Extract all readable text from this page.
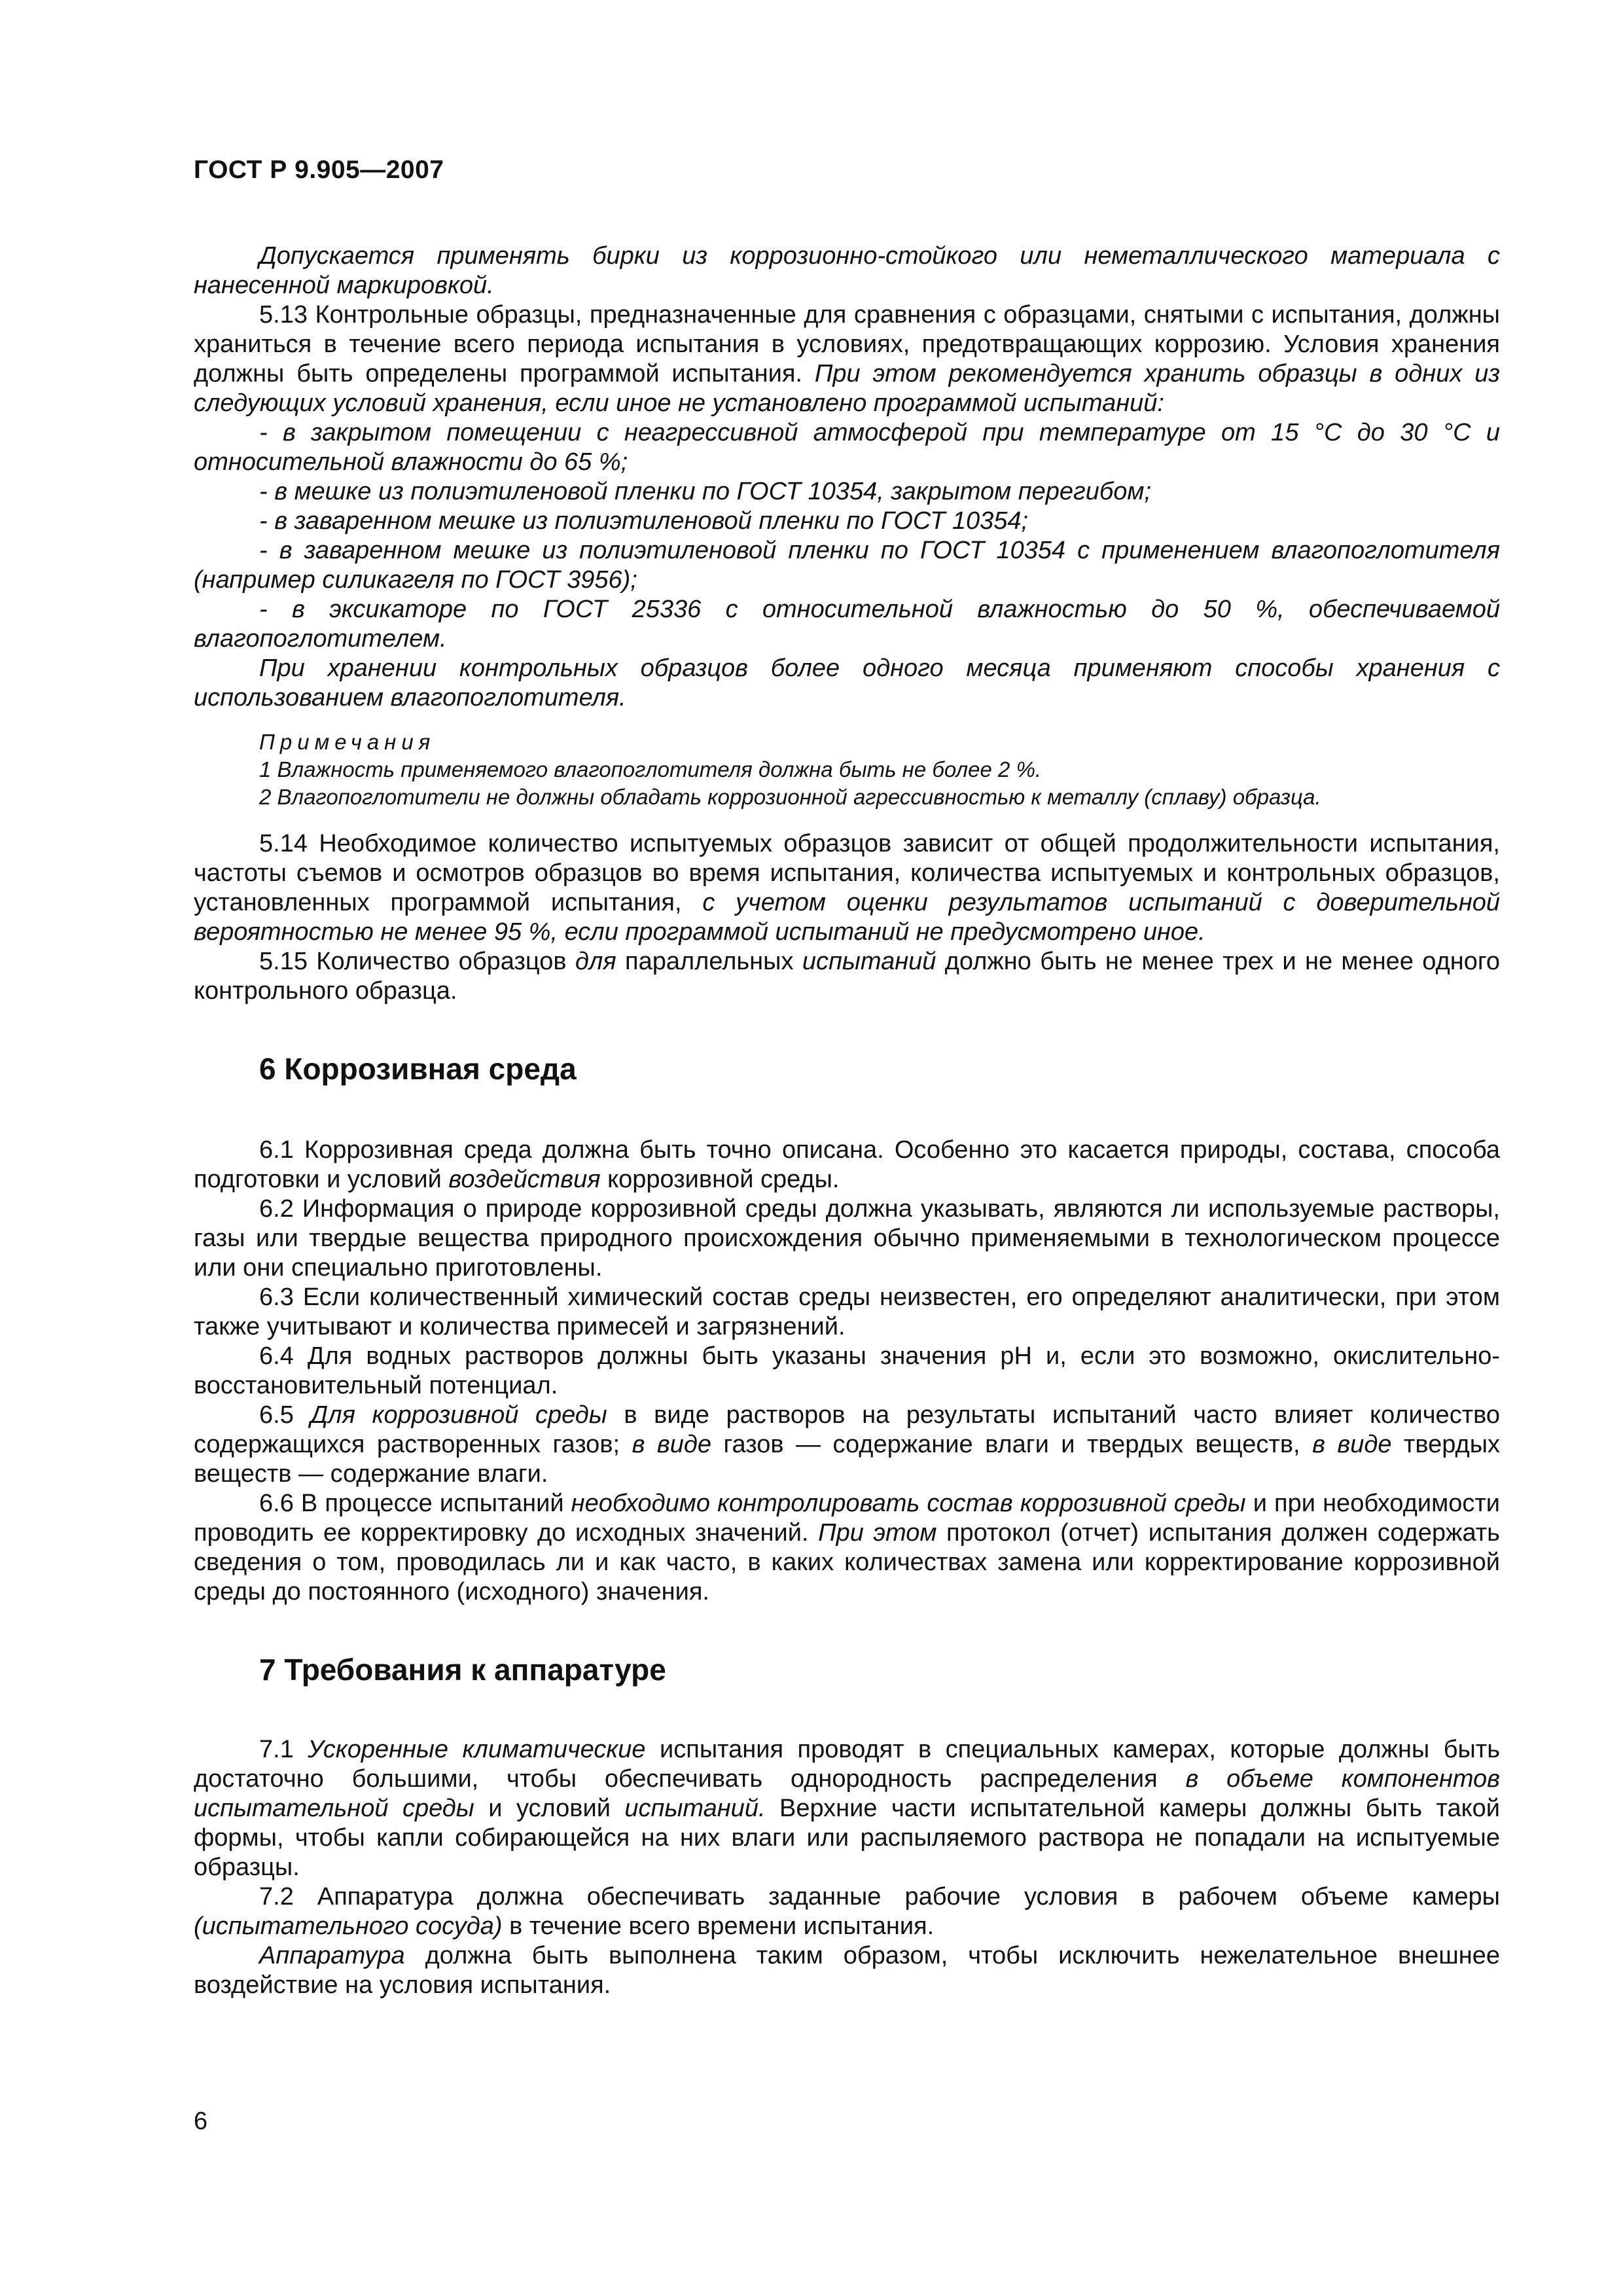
ГОСТ Р 9.905—2007

Допускается применять бирки из коррозионно-стойкого или неметаллического материала с нанесенной маркировкой.

5.13 Контрольные образцы, предназначенные для сравнения с образцами, снятыми с испытания, должны храниться в течение всего периода испытания в условиях, предотвращающих коррозию. Условия хранения должны быть определены программой испытания. При этом рекомендуется хранить образцы в одних из следующих условий хранения, если иное не установлено программой испытаний:

- в закрытом помещении с неагрессивной атмосферой при температуре от 15 °С до 30 °С и относительной влажности до 65 %;

- в мешке из полиэтиленовой пленки по ГОСТ 10354, закрытом перегибом;

- в заваренном мешке из полиэтиленовой пленки по ГОСТ 10354;

- в заваренном мешке из полиэтиленовой пленки по ГОСТ 10354 с применением влагопоглотителя (например силикагеля по ГОСТ 3956);

- в эксикаторе по ГОСТ 25336 с относительной влажностью до 50 %, обеспечиваемой влагопоглотителем.

При хранении контрольных образцов более одного месяца применяют способы хранения с использованием влагопоглотителя.

Примечания
1 Влажность применяемого влагопоглотителя должна быть не более 2 %.
2 Влагопоглотители не должны обладать коррозионной агрессивностью к металлу (сплаву) образца.

5.14 Необходимое количество испытуемых образцов зависит от общей продолжительности испытания, частоты съемов и осмотров образцов во время испытания, количества испытуемых и контрольных образцов, установленных программой испытания, с учетом оценки результатов испытаний с доверительной вероятностью не менее 95 %, если программой испытаний не предусмотрено иное.

5.15 Количество образцов для параллельных испытаний должно быть не менее трех и не менее одного контрольного образца.

6 Коррозивная среда

6.1 Коррозивная среда должна быть точно описана. Особенно это касается природы, состава, способа подготовки и условий воздействия коррозивной среды.

6.2 Информация о природе коррозивной среды должна указывать, являются ли используемые растворы, газы или твердые вещества природного происхождения обычно применяемыми в технологическом процессе или они специально приготовлены.

6.3 Если количественный химический состав среды неизвестен, его определяют аналитически, при этом также учитывают и количества примесей и загрязнений.

6.4 Для водных растворов должны быть указаны значения pH и, если это возможно, окислительно-восстановительный потенциал.

6.5 Для коррозивной среды в виде растворов на результаты испытаний часто влияет количество содержащихся растворенных газов; в виде газов — содержание влаги и твердых веществ, в виде твердых веществ — содержание влаги.

6.6 В процессе испытаний необходимо контролировать состав коррозивной среды и при необходимости проводить ее корректировку до исходных значений. При этом протокол (отчет) испытания должен содержать сведения о том, проводилась ли и как часто, в каких количествах замена или корректирование коррозивной среды до постоянного (исходного) значения.

7 Требования к аппаратуре

7.1 Ускоренные климатические испытания проводят в специальных камерах, которые должны быть достаточно большими, чтобы обеспечивать однородность распределения в объеме компонентов испытательной среды и условий испытаний. Верхние части испытательной камеры должны быть такой формы, чтобы капли собирающейся на них влаги или распыляемого раствора не попадали на испытуемые образцы.

7.2 Аппаратура должна обеспечивать заданные рабочие условия в рабочем объеме камеры (испытательного сосуда) в течение всего времени испытания.

Аппаратура должна быть выполнена таким образом, чтобы исключить нежелательное внешнее воздействие на условия испытания.

6
